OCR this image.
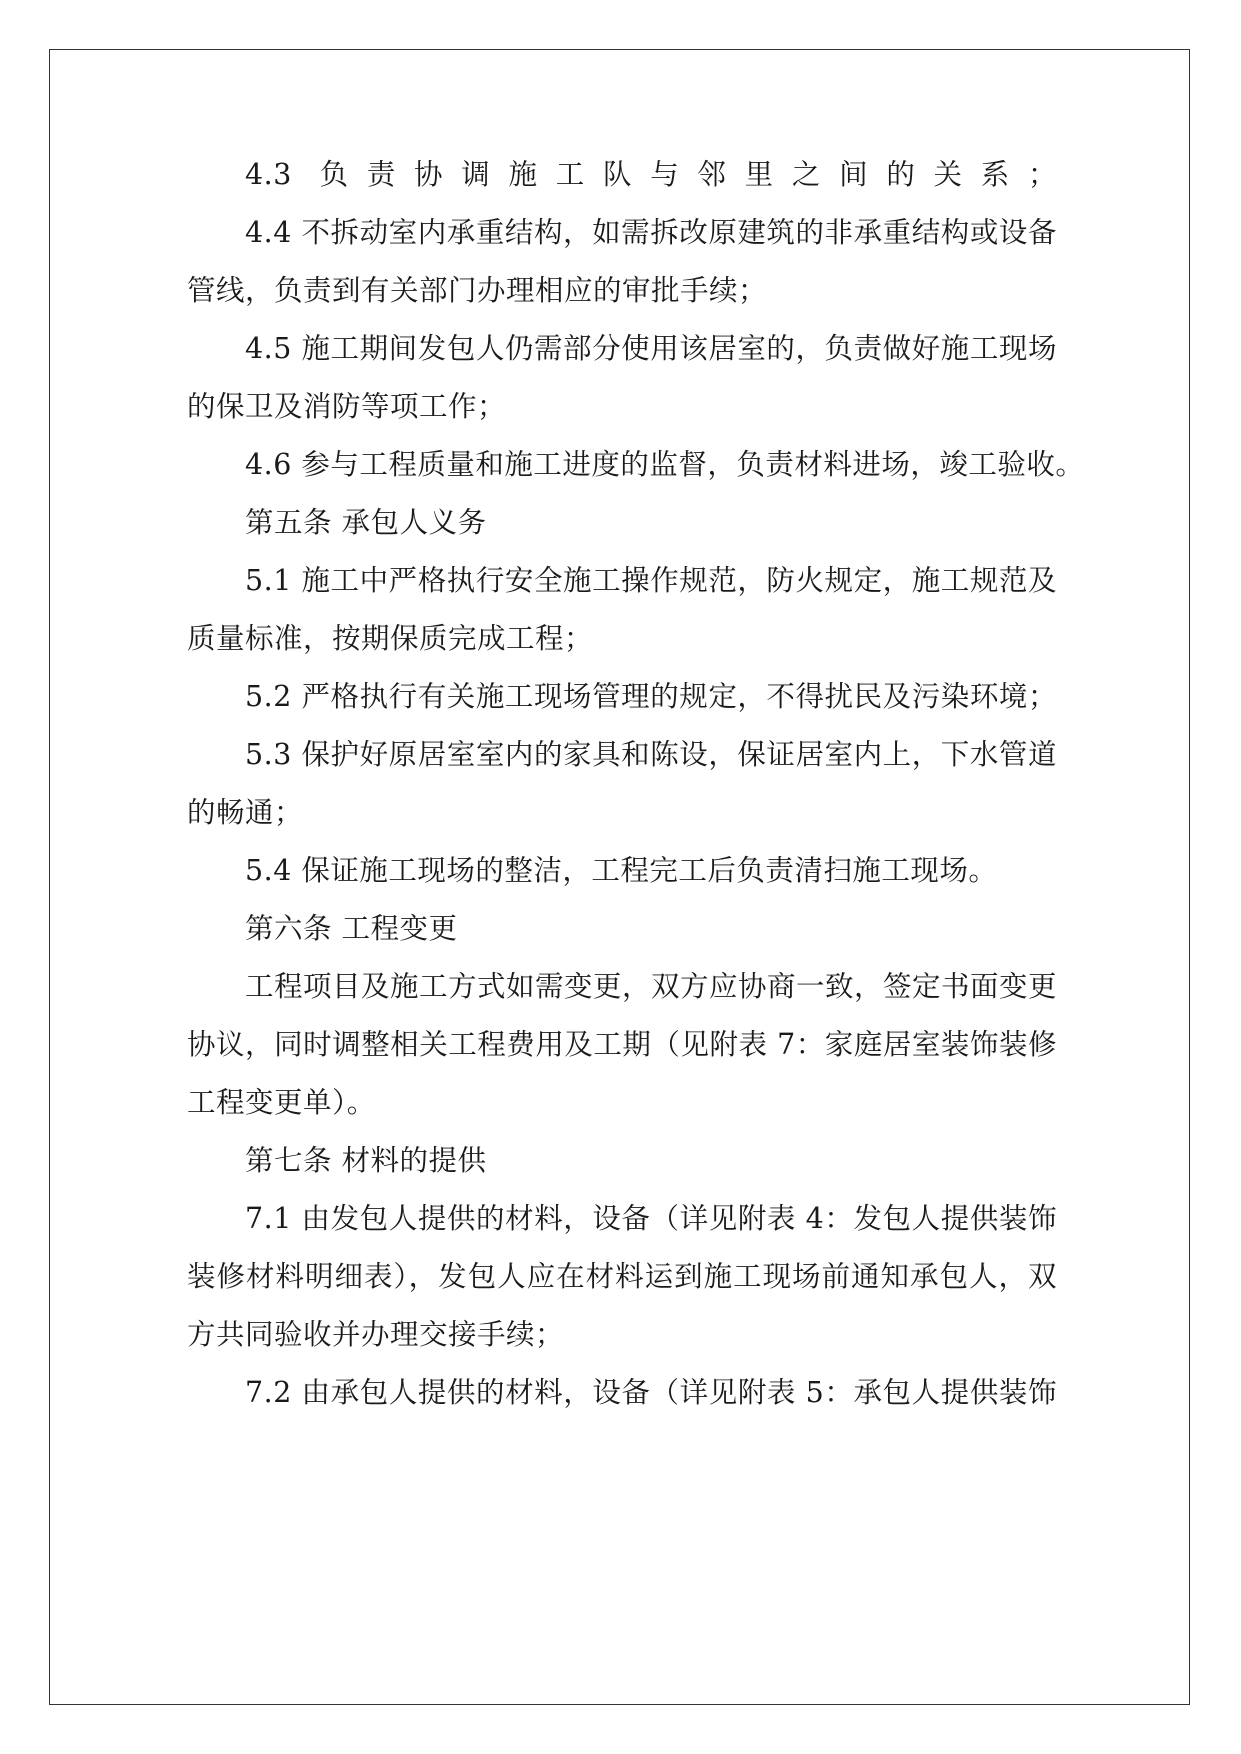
4.3 负责协调施工队与邻里之间的关系；
4.4 不拆动室内承重结构，如需拆改原建筑的非承重结构或设备
管线，负责到有关部门办理相应的审批手续；
4.5 施工期间发包人仍需部分使用该居室的，负责做好施工现场
的保卫及消防等项工作；
4.6 参与工程质量和施工进度的监督，负责材料进场，竣工验收。
第五条 承包人义务
5.1 施工中严格执行安全施工操作规范，防火规定，施工规范及
质量标准，按期保质完成工程；
5.2 严格执行有关施工现场管理的规定，不得扰民及污染环境；
5.3 保护好原居室室内的家具和陈设，保证居室内上，下水管道
的畅通；
5.4 保证施工现场的整洁，工程完工后负责清扫施工现场。
第六条 工程变更
工程项目及施工方式如需变更，双方应协商一致，签定书面变更
协议，同时调整相关工程费用及工期（见附表 7：家庭居室装饰装修
工程变更单）。
第七条 材料的提供
7.1 由发包人提供的材料，设备（详见附表 4：发包人提供装饰
装修材料明细表），发包人应在材料运到施工现场前通知承包人，双
方共同验收并办理交接手续；
7.2 由承包人提供的材料，设备（详见附表 5：承包人提供装饰
